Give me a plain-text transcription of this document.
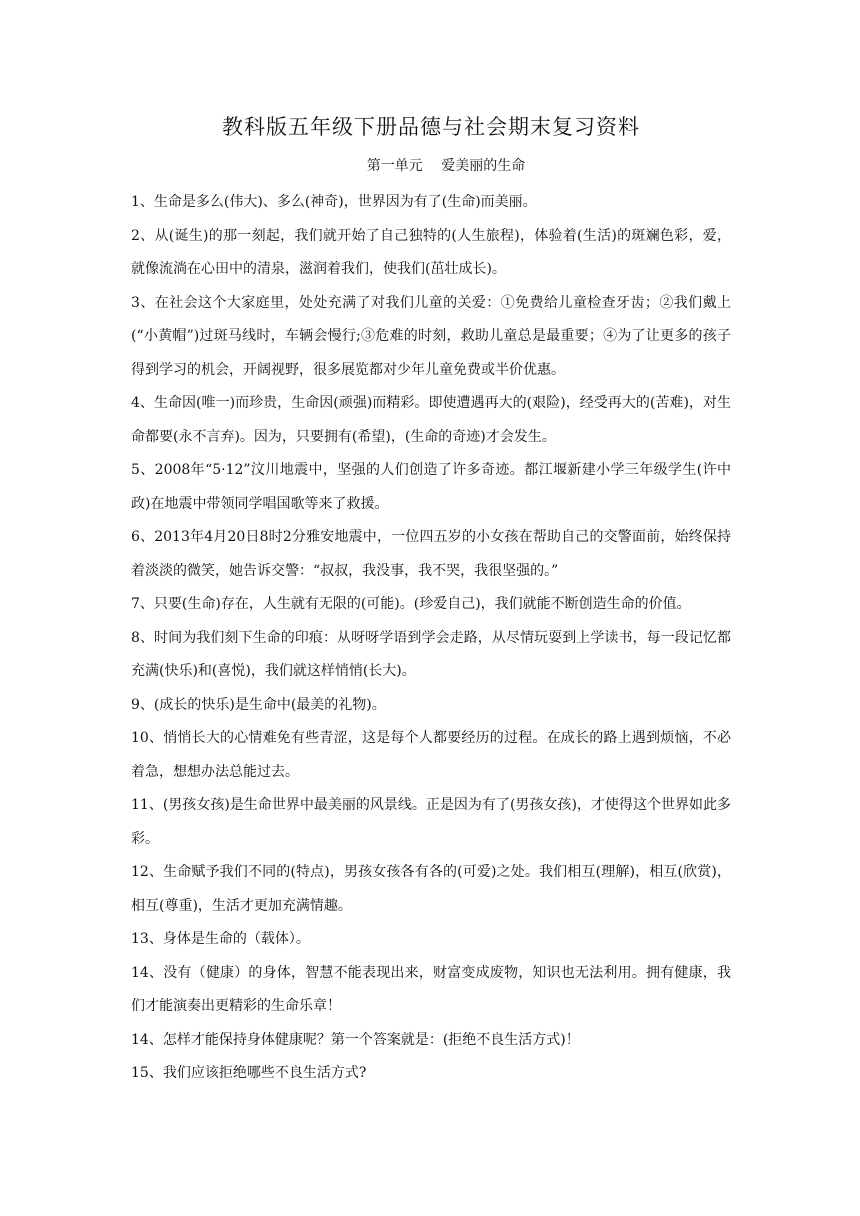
教科版五年级下册品德与社会期末复习资料
第一单元　 爱美丽的生命

1、生命是多么(伟大)、多么(神奇)，世界因为有了(生命)而美丽。

2、从(诞生)的那一刻起，我们就开始了自己独特的(人生旅程)，体验着(生活)的斑斓色彩，爱，就像流淌在心田中的清泉，滋润着我们，使我们(茁壮成长)。

3、在社会这个大家庭里，处处充满了对我们儿童的关爱：①免费给儿童检查牙齿；②我们戴上(“小黄帽”)过斑马线时，车辆会慢行;③危难的时刻，救助儿童总是最重要；④为了让更多的孩子得到学习的机会，开阔视野，很多展览都对少年儿童免费或半价优惠。

4、生命因(唯一)而珍贵，生命因(顽强)而精彩。即使遭遇再大的(艰险)，经受再大的(苦难)，对生命都要(永不言弃)。因为，只要拥有(希望)，(生命的奇迹)才会发生。

5、2008年“5·12”汶川地震中，坚强的人们创造了许多奇迹。都江堰新建小学三年级学生(许中政)在地震中带领同学唱国歌等来了救援。

6、2013年4月20日8时2分雅安地震中，一位四五岁的小女孩在帮助自己的交警面前，始终保持着淡淡的微笑，她告诉交警：“叔叔，我没事，我不哭，我很坚强的。”

7、只要(生命)存在，人生就有无限的(可能)。(珍爱自己)，我们就能不断创造生命的价值。

8、时间为我们刻下生命的印痕：从呀呀学语到学会走路，从尽情玩耍到上学读书，每一段记忆都充满(快乐)和(喜悦)，我们就这样悄悄(长大)。

9、(成长的快乐)是生命中(最美的礼物)。

10、悄悄长大的心情难免有些青涩，这是每个人都要经历的过程。在成长的路上遇到烦恼，不必着急，想想办法总能过去。

11、(男孩女孩)是生命世界中最美丽的风景线。正是因为有了(男孩女孩)，才使得这个世界如此多彩。

12、生命赋予我们不同的(特点)，男孩女孩各有各的(可爱)之处。我们相互(理解)，相互(欣赏)，相互(尊重)，生活才更加充满情趣。

13、身体是生命的（载体）。

14、没有（健康）的身体，智慧不能表现出来，财富变成废物，知识也无法利用。拥有健康，我们才能演奏出更精彩的生命乐章！

14、怎样才能保持身体健康呢？第一个答案就是：(拒绝不良生活方式)！

15、我们应该拒绝哪些不良生活方式?
